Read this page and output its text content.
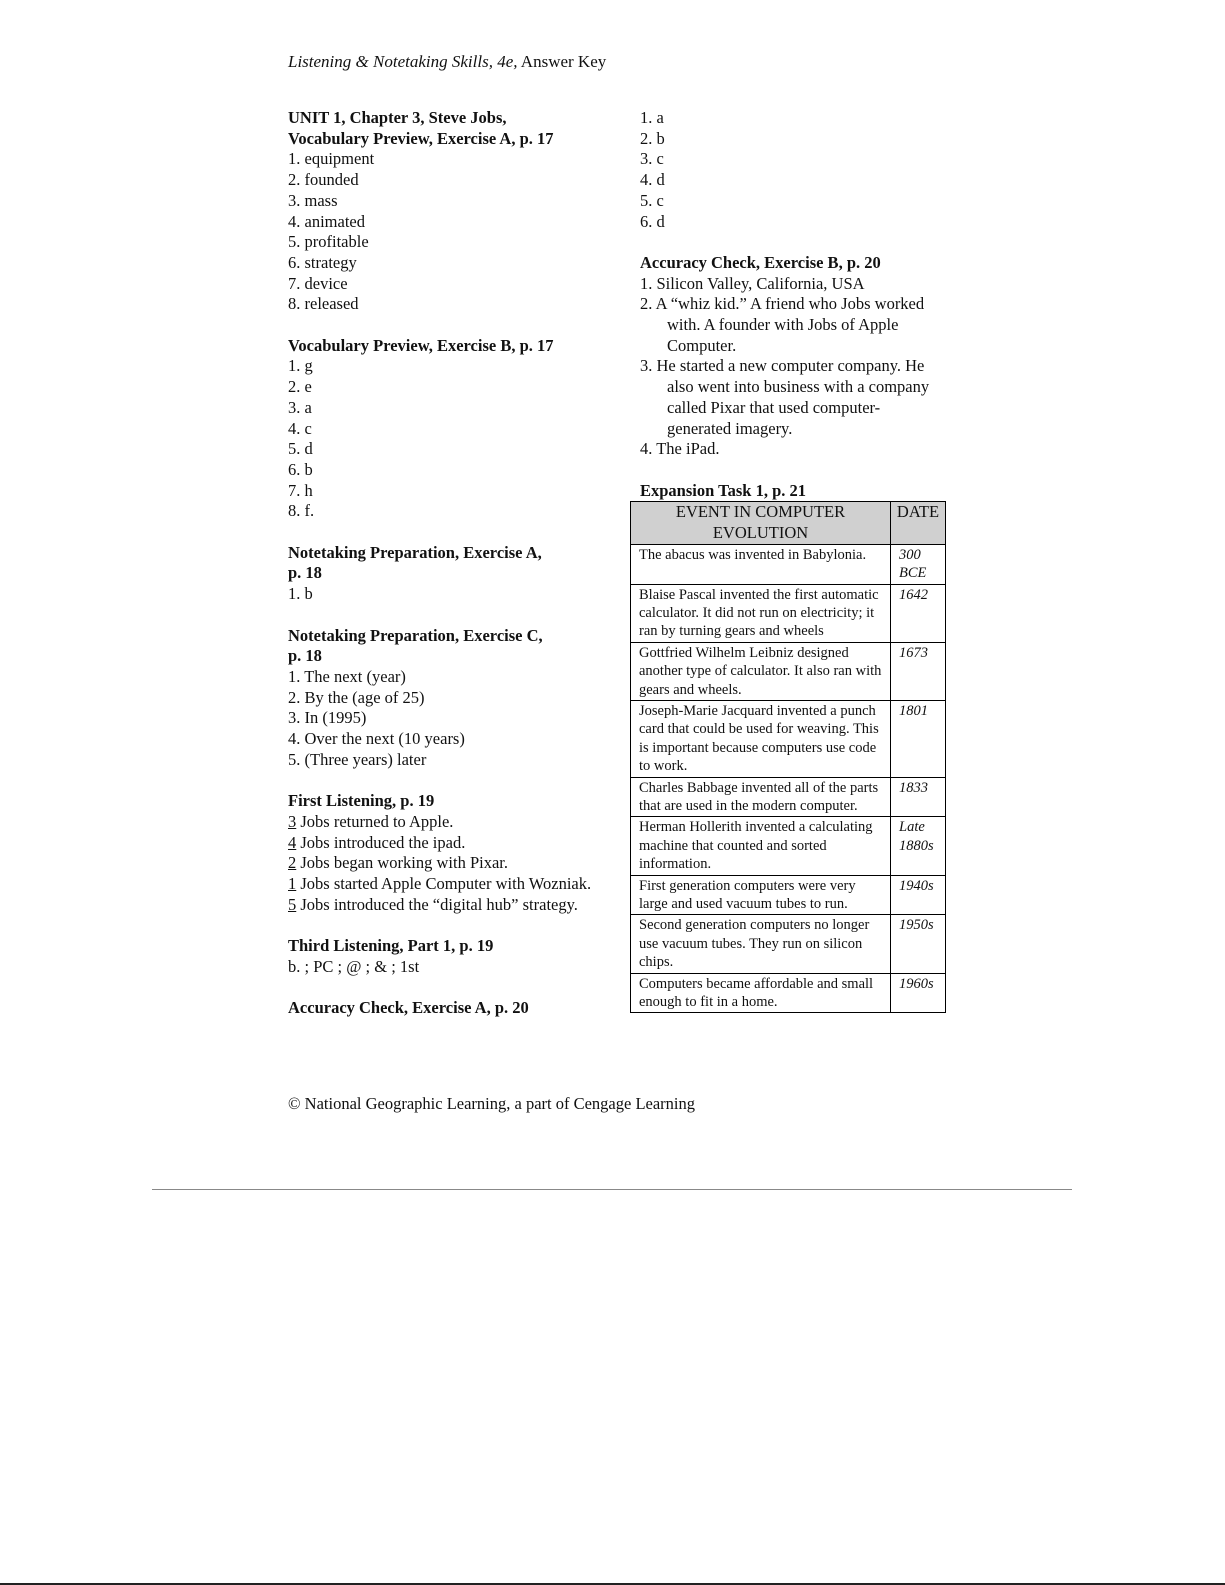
Listening & Notetaking Skills, 4e, Answer Key
UNIT 1, Chapter 3, Steve Jobs,
Vocabulary Preview, Exercise A, p. 17
1. equipment
2. founded
3. mass
4. animated
5. profitable
6. strategy
7. device
8. released
Vocabulary Preview, Exercise B, p. 17
1. g
2. e
3. a
4. c
5. d
6. b
7. h
8. f.
Notetaking Preparation, Exercise A,
p. 18
1. b
Notetaking Preparation, Exercise C,
p. 18
1. The next (year)
2. By the (age of 25)
3. In (1995)
4. Over the next (10 years)
5. (Three years) later
First Listening, p. 19
3 Jobs returned to Apple.
4 Jobs introduced the ipad.
2 Jobs began working with Pixar.
1 Jobs started Apple Computer with Wozniak.
5 Jobs introduced the “digital hub” strategy.
Third Listening, Part 1, p. 19
b. ; PC ; @ ; & ; 1st
Accuracy Check, Exercise A, p. 20
1. a
2. b
3. c
4. d
5. c
6. d
Accuracy Check, Exercise B, p. 20
1. Silicon Valley, California, USA
2. A “whiz kid.” A friend who Jobs worked with. A founder with Jobs of Apple Computer.
3. He started a new computer company. He also went into business with a company called Pixar that used computer-generated imagery.
4. The iPad.
Expansion Task 1, p. 21
EVENT IN COMPUTER EVOLUTION	DATE
The abacus was invented in Babylonia.	300 BCE
Blaise Pascal invented the first automatic calculator. It did not run on electricity; it ran by turning gears and wheels	1642
Gottfried Wilhelm Leibniz designed another type of calculator. It also ran with gears and wheels.	1673
Joseph-Marie Jacquard invented a punch card that could be used for weaving. This is important because computers use code to work.	1801
Charles Babbage invented all of the parts that are used in the modern computer.	1833
Herman Hollerith invented a calculating machine that counted and sorted information.	Late 1880s
First generation computers were very large and used vacuum tubes to run.	1940s
Second generation computers no longer use vacuum tubes. They run on silicon chips.	1950s
Computers became affordable and small enough to fit in a home.	1960s
© National Geographic Learning, a part of Cengage Learning
